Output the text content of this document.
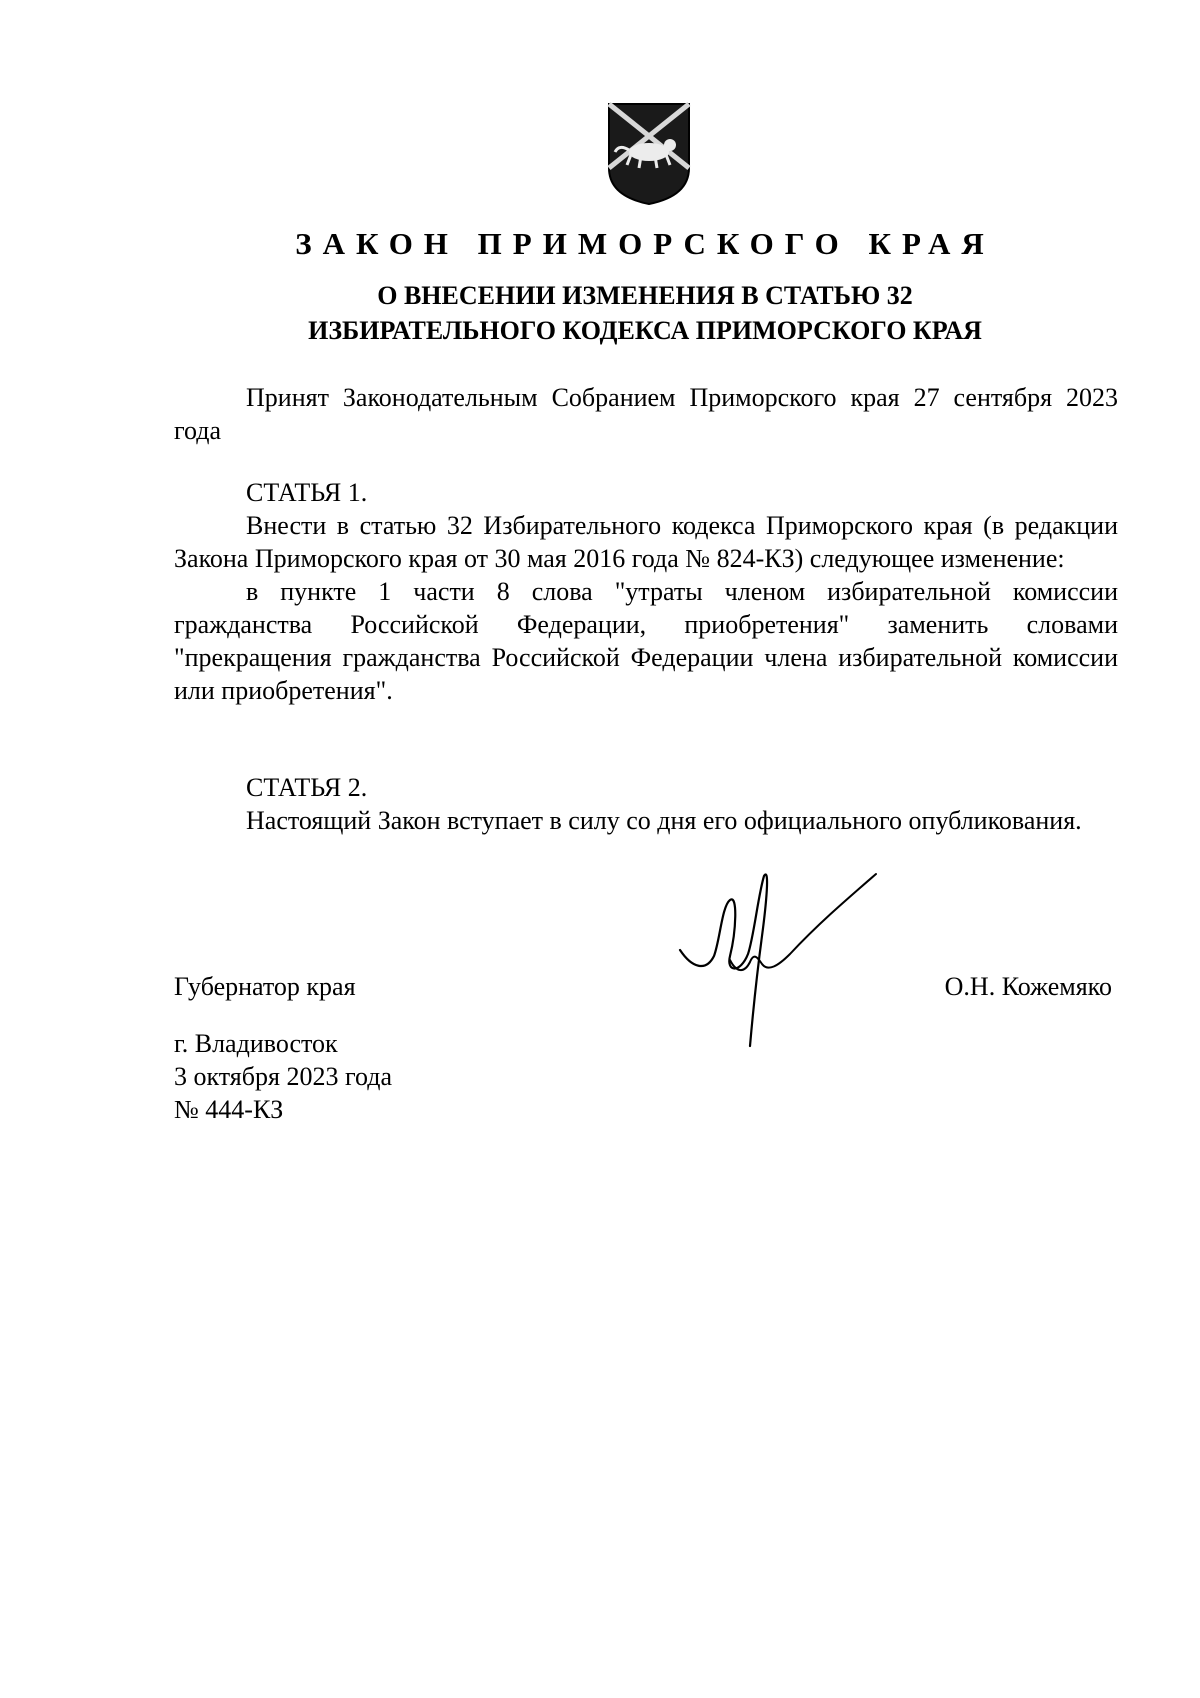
ЗАКОН ПРИМОРСКОГО КРАЯ
О ВНЕСЕНИИ ИЗМЕНЕНИЯ В СТАТЬЮ 32
ИЗБИРАТЕЛЬНОГО КОДЕКСА ПРИМОРСКОГО КРАЯ

Принят Законодательным Собранием Приморского края 27 сентября 2023 года

СТАТЬЯ 1.

Внести в статью 32 Избирательного кодекса Приморского края (в редакции Закона Приморского края от 30 мая 2016 года № 824-КЗ) следующее изменение:

в пункте 1 части 8 слова "утраты членом избирательной комиссии гражданства Российской Федерации, приобретения" заменить словами "прекращения гражданства Российской Федерации члена избирательной комиссии или приобретения".

СТАТЬЯ 2.

Настоящий Закон вступает в силу со дня его официального опубликования.

Губернатор края	О.Н. Кожемяко
г. Владивосток
3 октября 2023 года
№ 444-КЗ
